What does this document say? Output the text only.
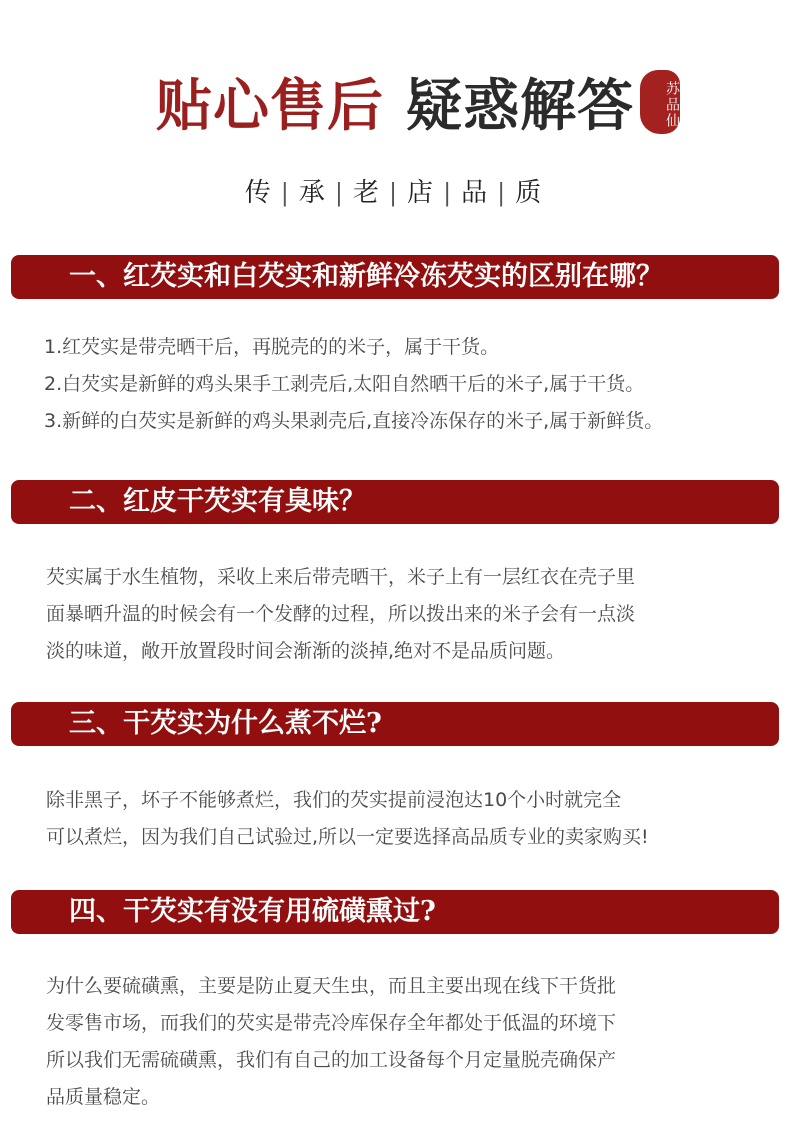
贴心售后 疑惑解答	苏品仙
传 | 承 | 老 | 店 | 品 | 质
一、红芡实和白芡实和新鲜冷冻芡实的区别在哪？

1.红芡实是带壳晒干后，再脱壳的的米子，属于干货。

2.白芡实是新鲜的鸡头果手工剥壳后,太阳自然晒干后的米子,属于干货。

3.新鲜的白芡实是新鲜的鸡头果剥壳后,直接冷冻保存的米子,属于新鲜货。

二、红皮干芡实有臭味？

芡实属于水生植物，采收上来后带壳晒干，米子上有一层红衣在壳子里

面暴晒升温的时候会有一个发酵的过程，所以拨出来的米子会有一点淡

淡的味道，敞开放置段时间会渐渐的淡掉,绝对不是品质问题。

三、干芡实为什么煮不烂?

除非黑子，坏子不能够煮烂，我们的芡实提前浸泡达10个小时就完全

可以煮烂，因为我们自己试验过,所以一定要选择高品质专业的卖家购买!

四、干芡实有没有用硫磺熏过?

为什么要硫磺熏，主要是防止夏天生虫，而且主要出现在线下干货批

发零售市场，而我们的芡实是带壳冷库保存全年都处于低温的环境下

所以我们无需硫磺熏，我们有自己的加工设备每个月定量脱壳确保产

品质量稳定。
